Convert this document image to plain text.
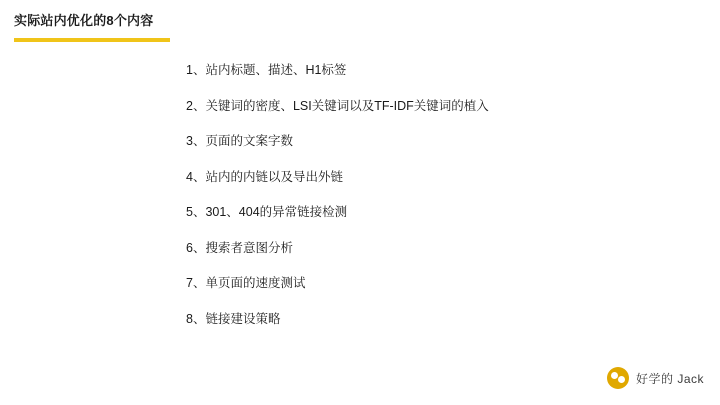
实际站内优化的8个内容
1、 站内标题、描述、H1标签
2、 关键词的密度、LSI关键词以及TF-IDF关键词的植入
3、 页面的文案字数
4、 站内的内链以及导出外链
5、 301、404的异常链接检测
6、 搜索者意图分析
7、 单页面的速度测试
8、 链接建设策略
好学的 Jack
